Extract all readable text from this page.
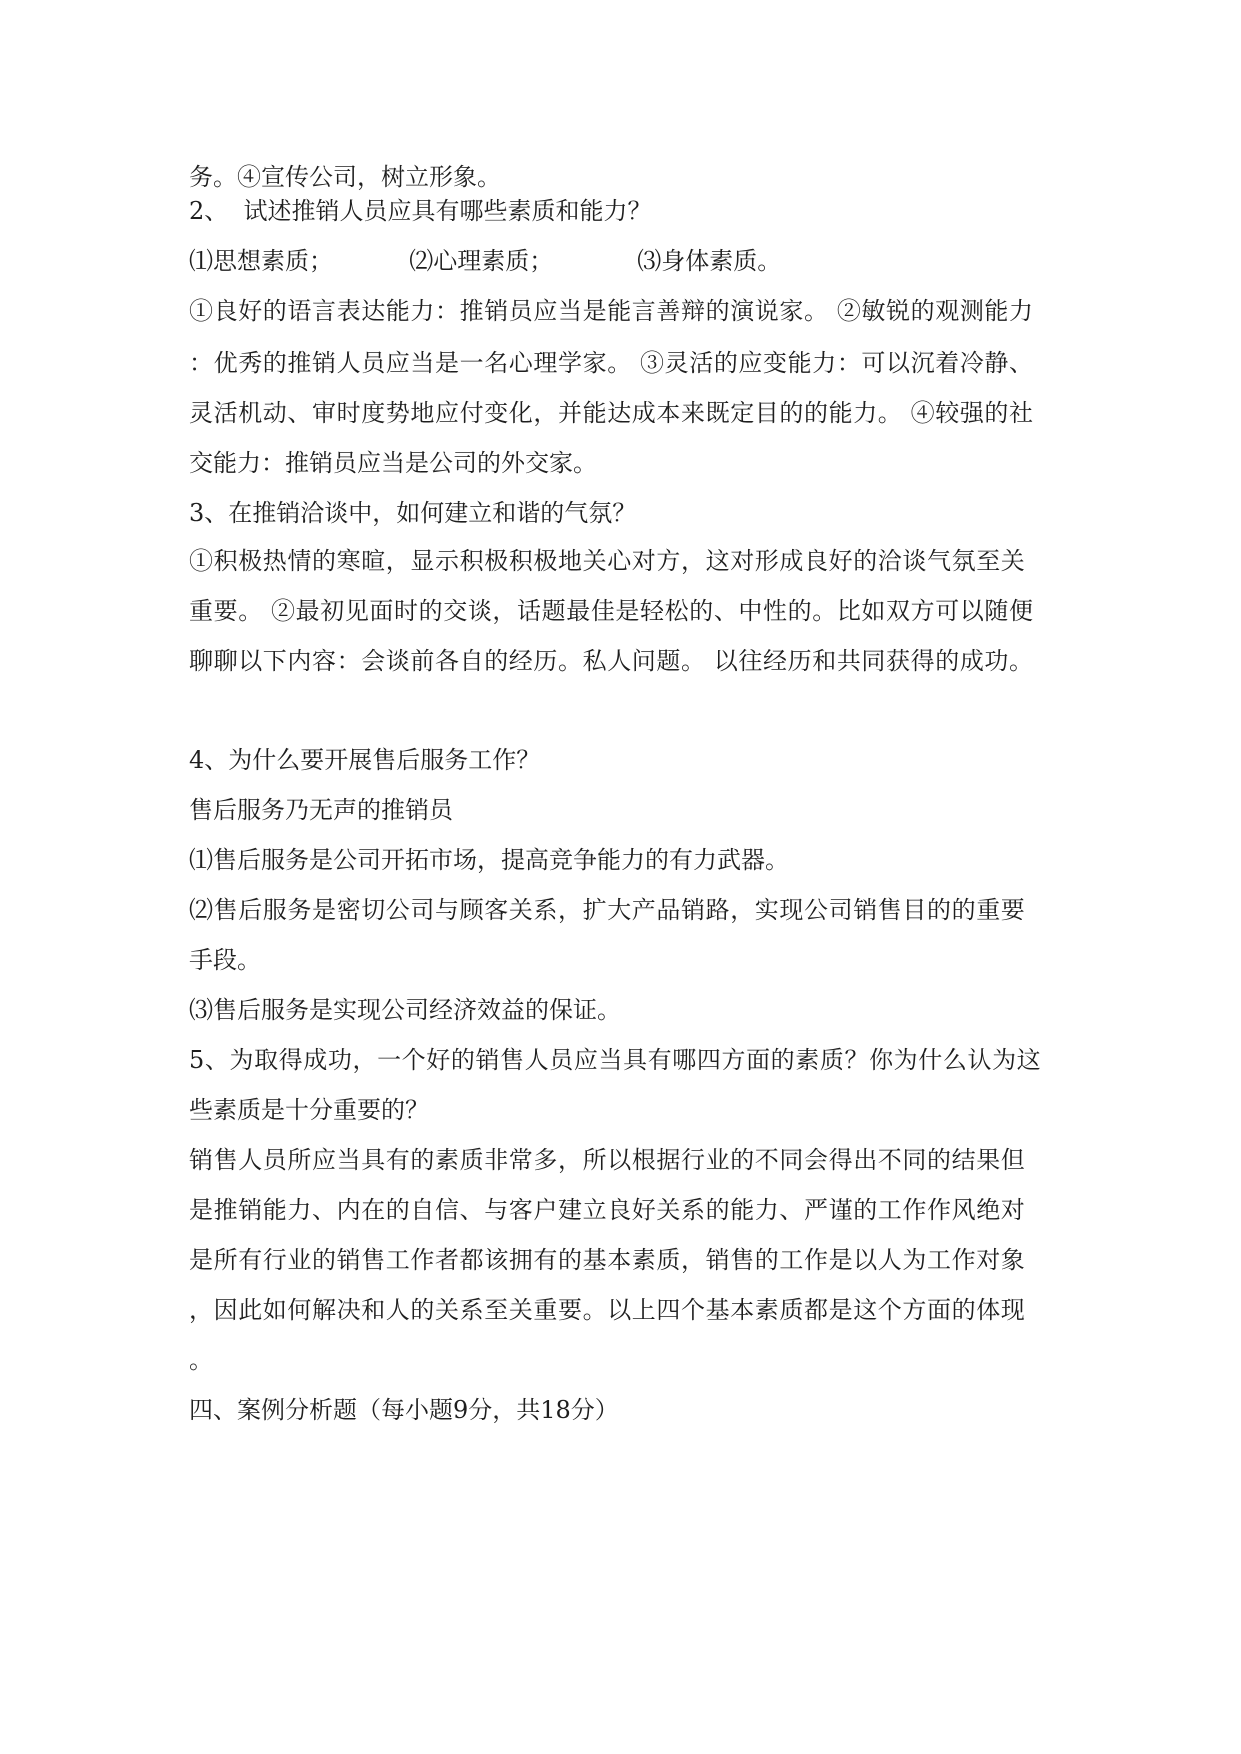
务。④宣传公司，树立形象。

2、  试述推销人员应具有哪些素质和能力？

⑴思想素质；          ⑵心理素质；           ⑶身体素质。

①良好的语言表达能力：推销员应当是能言善辩的演说家。 ②敏锐的观测能力

：优秀的推销人员应当是一名心理学家。 ③灵活的应变能力：可以沉着冷静、

灵活机动、审时度势地应付变化，并能达成本来既定目的的能力。 ④较强的社

交能力：推销员应当是公司的外交家。

3、在推销洽谈中，如何建立和谐的气氛？

①积极热情的寒暄，显示积极积极地关心对方，这对形成良好的洽谈气氛至关

重要。 ②最初见面时的交谈，话题最佳是轻松的、中性的。比如双方可以随便

聊聊以下内容：会谈前各自的经历。私人问题。 以往经历和共同获得的成功。

4、为什么要开展售后服务工作？

售后服务乃无声的推销员

⑴售后服务是公司开拓市场，提高竞争能力的有力武器。

⑵售后服务是密切公司与顾客关系，扩大产品销路，实现公司销售目的的重要

手段。

⑶售后服务是实现公司经济效益的保证。

5、为取得成功，一个好的销售人员应当具有哪四方面的素质？你为什么认为这

些素质是十分重要的？

销售人员所应当具有的素质非常多，所以根据行业的不同会得出不同的结果但

是推销能力、内在的自信、与客户建立良好关系的能力、严谨的工作作风绝对

是所有行业的销售工作者都该拥有的基本素质，销售的工作是以人为工作对象

，因此如何解决和人的关系至关重要。以上四个基本素质都是这个方面的体现

。

四、案例分析题（每小题9分，共18分）
